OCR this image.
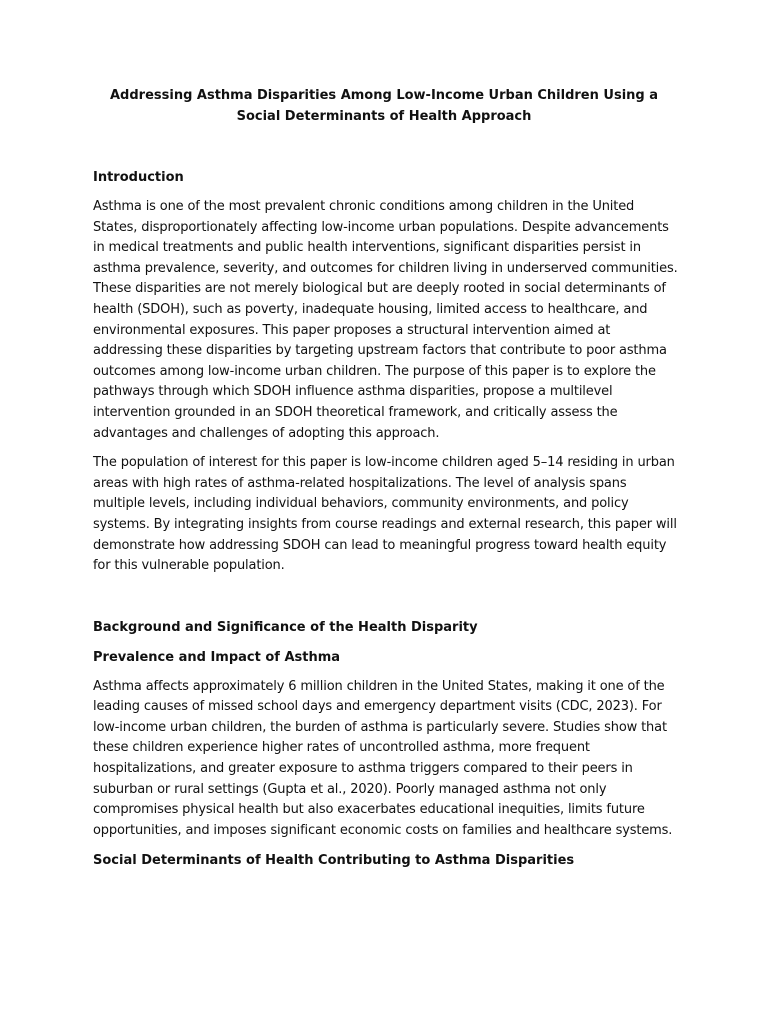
Addressing Asthma Disparities Among Low-Income Urban Children Using a Social Determinants of Health Approach
Introduction

Asthma is one of the most prevalent chronic conditions among children in the United States, disproportionately affecting low-income urban populations. Despite advancements in medical treatments and public health interventions, significant disparities persist in asthma prevalence, severity, and outcomes for children living in underserved communities. These disparities are not merely biological but are deeply rooted in social determinants of health (SDOH), such as poverty, inadequate housing, limited access to healthcare, and environmental exposures. This paper proposes a structural intervention aimed at addressing these disparities by targeting upstream factors that contribute to poor asthma outcomes among low-income urban children. The purpose of this paper is to explore the pathways through which SDOH influence asthma disparities, propose a multilevel intervention grounded in an SDOH theoretical framework, and critically assess the advantages and challenges of adopting this approach.

The population of interest for this paper is low-income children aged 5–14 residing in urban areas with high rates of asthma-related hospitalizations. The level of analysis spans multiple levels, including individual behaviors, community environments, and policy systems. By integrating insights from course readings and external research, this paper will demonstrate how addressing SDOH can lead to meaningful progress toward health equity for this vulnerable population.

Background and Significance of the Health Disparity
Prevalence and Impact of Asthma

Asthma affects approximately 6 million children in the United States, making it one of the leading causes of missed school days and emergency department visits (CDC, 2023). For low-income urban children, the burden of asthma is particularly severe. Studies show that these children experience higher rates of uncontrolled asthma, more frequent hospitalizations, and greater exposure to asthma triggers compared to their peers in suburban or rural settings (Gupta et al., 2020). Poorly managed asthma not only compromises physical health but also exacerbates educational inequities, limits future opportunities, and imposes significant economic costs on families and healthcare systems.

Social Determinants of Health Contributing to Asthma Disparities
